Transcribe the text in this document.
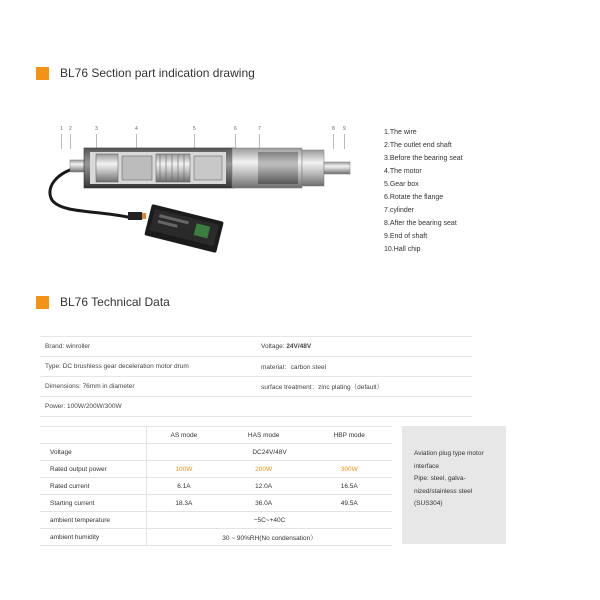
BL76 Section part indication drawing
1 2	3	4	5	6	7	8 9	1.The wire
2.The outlet end shaft
3.Before the bearing seat
4.The motor
5.Gear box
6.Rotate the flange
7.cylinder
8.After the bearing seat
9.End of shaft
10.Hall chip
BL76 Technical Data
Brand: winroller	Voltage: 24V/48V
Type: DC brushless gear deceleration motor drum	material：carbon steel
Dimensions: 76mm in diameter	surface treatment：zinc plating（default）
Power: 100W/200W/300W
	AS mode	HAS mode	HBP mode
Voltage	DC24V/48V		
Rated output power	100W	200W	300W
Rated current	6.1A	12.0A	16.5A
Starting current	18.3A	36.0A	49.5A
ambient temperature	−5C~+40C		
ambient humidity	30 ~ 90%RH(No condensation）		
Aviation plug type motor interface
Pipe: steel, galva-nized/stainless steel (SUS304)
